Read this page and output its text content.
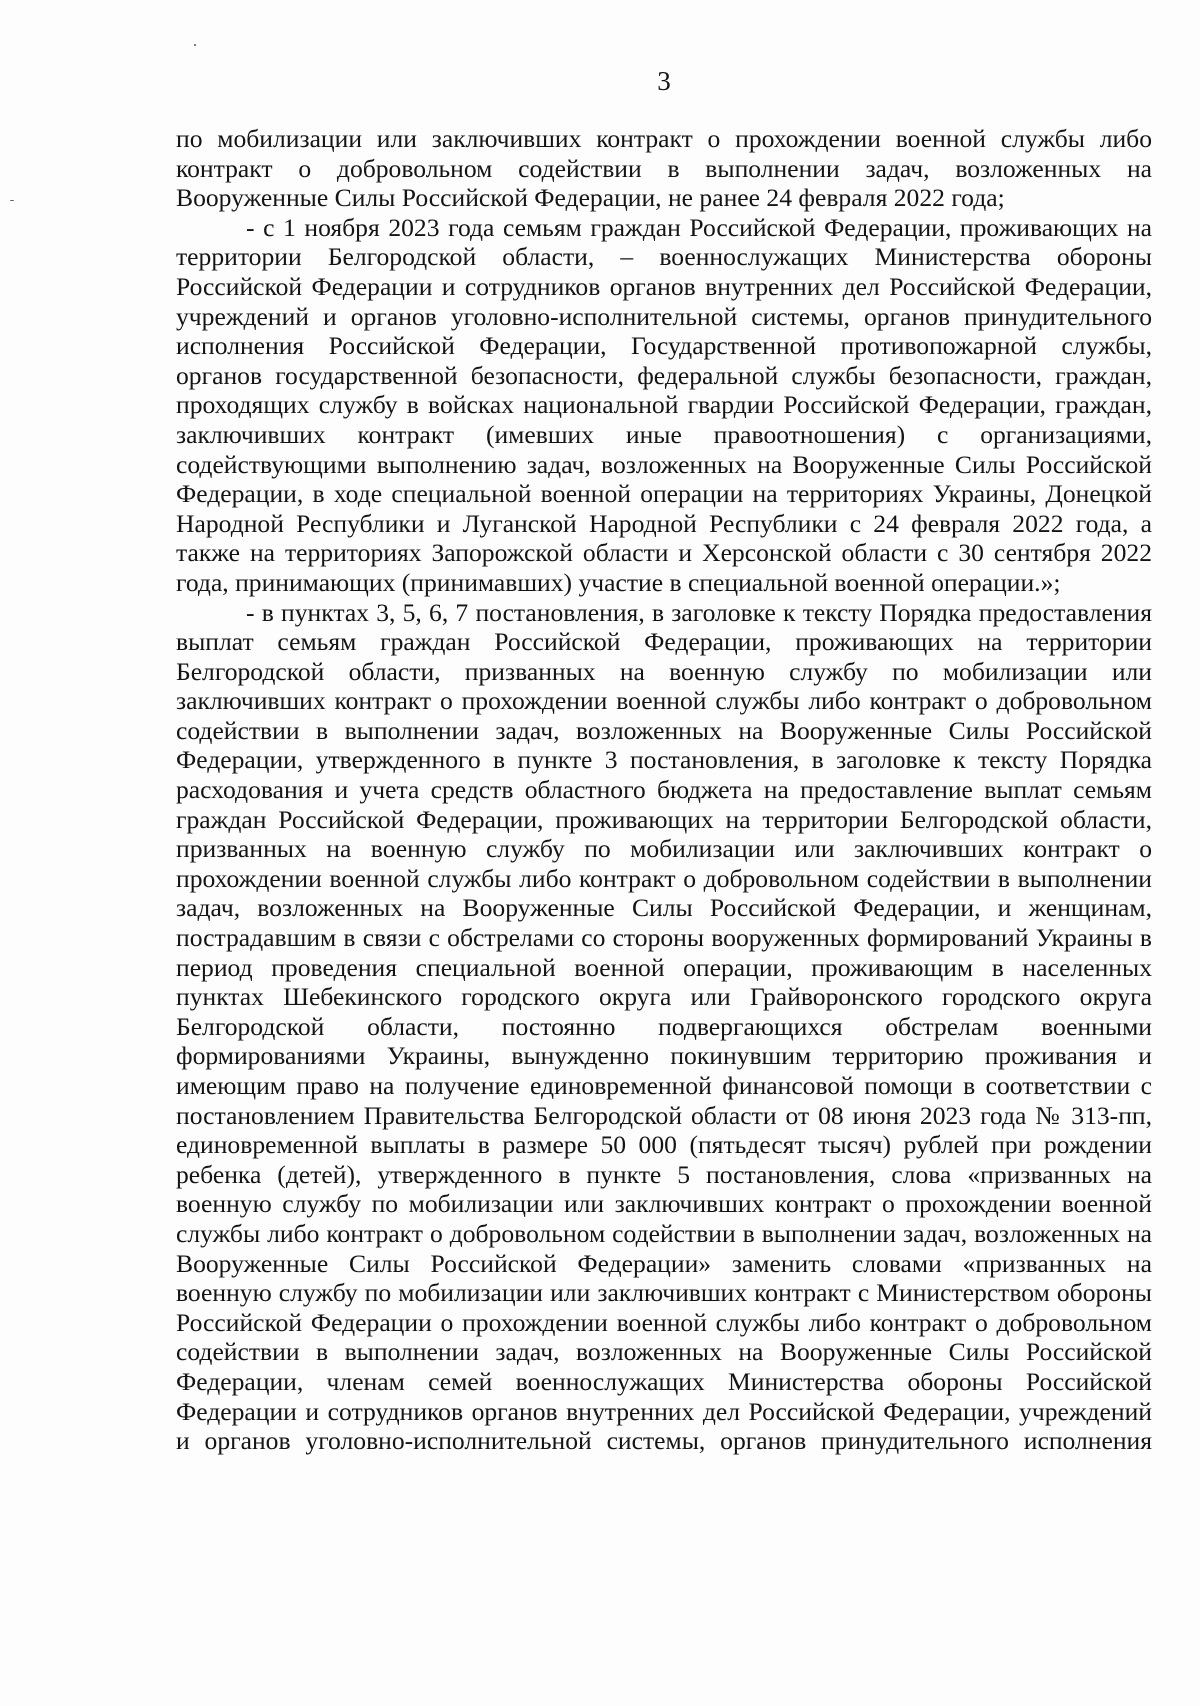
3

по мобилизации или заключивших контракт о прохождении военной службы либо контракт о добровольном содействии в выполнении задач, возложенных на Вооруженные Силы Российской Федерации, не ранее 24 февраля 2022 года;

- с 1 ноября 2023 года семьям граждан Российской Федерации, проживающих на территории Белгородской области, – военнослужащих Министерства обороны Российской Федерации и сотрудников органов внутренних дел Российской Федерации, учреждений и органов уголовно-исполнительной системы, органов принудительного исполнения Российской Федерации, Государственной противопожарной службы, органов государственной безопасности, федеральной службы безопасности, граждан, проходящих службу в войсках национальной гвардии Российской Федерации, граждан, заключивших контракт (имевших иные правоотношения) с организациями, содействующими выполнению задач, возложенных на Вооруженные Силы Российской Федерации, в ходе специальной военной операции на территориях Украины, Донецкой Народной Республики и Луганской Народной Республики с 24 февраля 2022 года, а также на территориях Запорожской области и Херсонской области с 30 сентября 2022 года, принимающих (принимавших) участие в специальной военной операции.»;

- в пунктах 3, 5, 6, 7 постановления, в заголовке к тексту Порядка предоставления выплат семьям граждан Российской Федерации, проживающих на территории Белгородской области, призванных на военную службу по мобилизации или заключивших контракт о прохождении военной службы либо контракт о добровольном содействии в выполнении задач, возложенных на Вооруженные Силы Российской Федерации, утвержденного в пункте 3 постановления, в заголовке к тексту Порядка расходования и учета средств областного бюджета на предоставление выплат семьям граждан Российской Федерации, проживающих на территории Белгородской области, призванных на военную службу по мобилизации или заключивших контракт о прохождении военной службы либо контракт о добровольном содействии в выполнении задач, возложенных на Вооруженные Силы Российской Федерации, и женщинам, пострадавшим в связи с обстрелами со стороны вооруженных формирований Украины в период проведения специальной военной операции, проживающим в населенных пунктах Шебекинского городского округа или Грайворонского городского округа Белгородской области, постоянно подвергающихся обстрелам военными формированиями Украины, вынужденно покинувшим территорию проживания и имеющим право на получение единовременной финансовой помощи в соответствии с постановлением Правительства Белгородской области от 08 июня 2023 года № 313-пп, единовременной выплаты в размере 50 000 (пятьдесят тысяч) рублей при рождении ребенка (детей), утвержденного в пункте 5 постановления, слова «призванных на военную службу по мобилизации или заключивших контракт о прохождении военной службы либо контракт о добровольном содействии в выполнении задач, возложенных на Вооруженные Силы Российской Федерации» заменить словами «призванных на военную службу по мобилизации или заключивших контракт с Министерством обороны Российской Федерации о прохождении военной службы либо контракт о добровольном содействии в выполнении задач, возложенных на Вооруженные Силы Российской Федерации, членам семей военнослужащих Министерства обороны Российской Федерации и сотрудников органов внутренних дел Российской Федерации, учреждений и органов уголовно-исполнительной системы, органов принудительного исполнения
